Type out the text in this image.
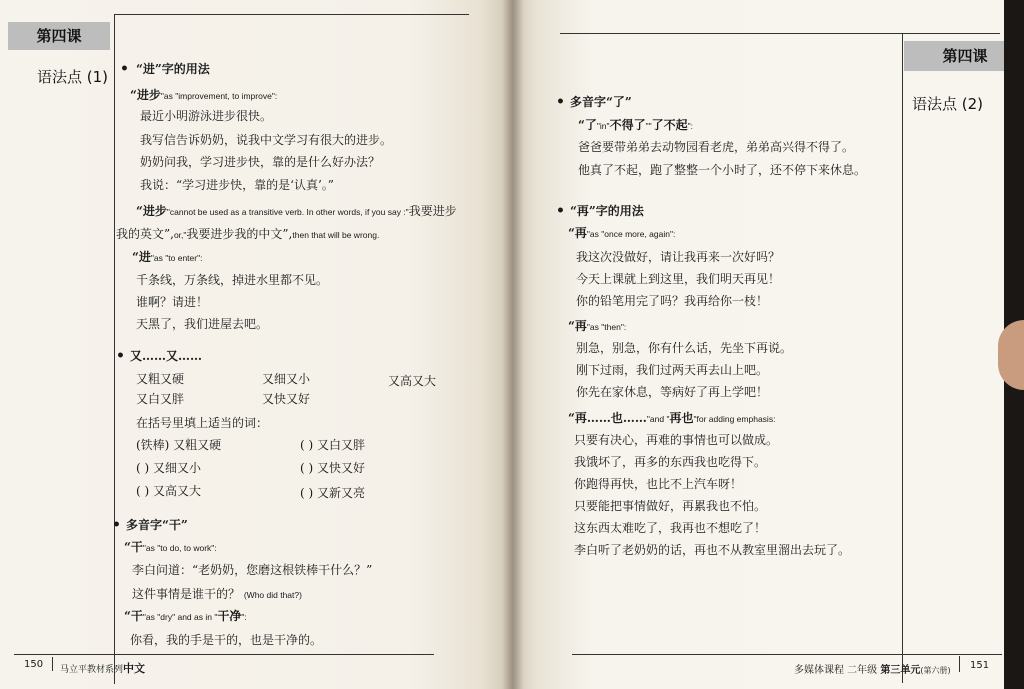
第四课
语法点 (1) • “进”字的用法
“进步"as "improvement, to improve":
最近小明游泳进步很快。
我写信告诉奶奶，说我中文学习有很大的进步。
奶奶问我，学习进步快，靠的是什么好办法？
我说：“学习进步快，靠的是‘认真’。”
“进步"cannot be used as a transitive verb. In other words, if you say :"我要进步
我的英文”,or,"我要进步我的中文”,then that will be wrong.
“进"as "to enter":
千条线，万条线，掉进水里都不见。
谁啊？请进！
天黑了，我们进屋去吧。
• 又……又……
又粗又硬	又细又小	又高又大
又白又胖	又快又好
在括号里填上适当的词：
(铁棒) 又粗又硬	( ) 又白又胖
( ) 又细又小	( ) 又快又好
( ) 又高又大	( ) 又新又亮
• 多音字“干”
“干"as "to do, to work":
李白问道：“老奶奶，您磨这根铁棒干什么？”
这件事情是谁干的？ (Who did that?)
“干"as "dry" and as in "干净":
你看，我的手是干的，也是干净的。
150 马立平教材系列中文
第四课
语法点 (2)
• 多音字“了”
“了"in"不得了""了不起":
爸爸要带弟弟去动物园看老虎，弟弟高兴得不得了。
他真了不起，跑了整整一个小时了，还不停下来休息。
• “再”字的用法
“再"as "once more, again":
我这次没做好，请让我再来一次好吗？
今天上课就上到这里，我们明天再见！
你的铅笔用完了吗？我再给你一枝！
“再"as "then":
别急，别急，你有什么话，先坐下再说。
刚下过雨，我们过两天再去山上吧。
你先在家休息，等病好了再上学吧！
“再……也……"and "再也"for adding emphasis:
只要有决心，再难的事情也可以做成。
我饿坏了，再多的东西我也吃得下。
你跑得再快，也比不上汽车呀！
只要能把事情做好，再累我也不怕。
这东西太难吃了，我再也不想吃了！
李白听了老奶奶的话，再也不从教室里溜出去玩了。
多媒体课程 二年级 第三单元(第六册) 151
